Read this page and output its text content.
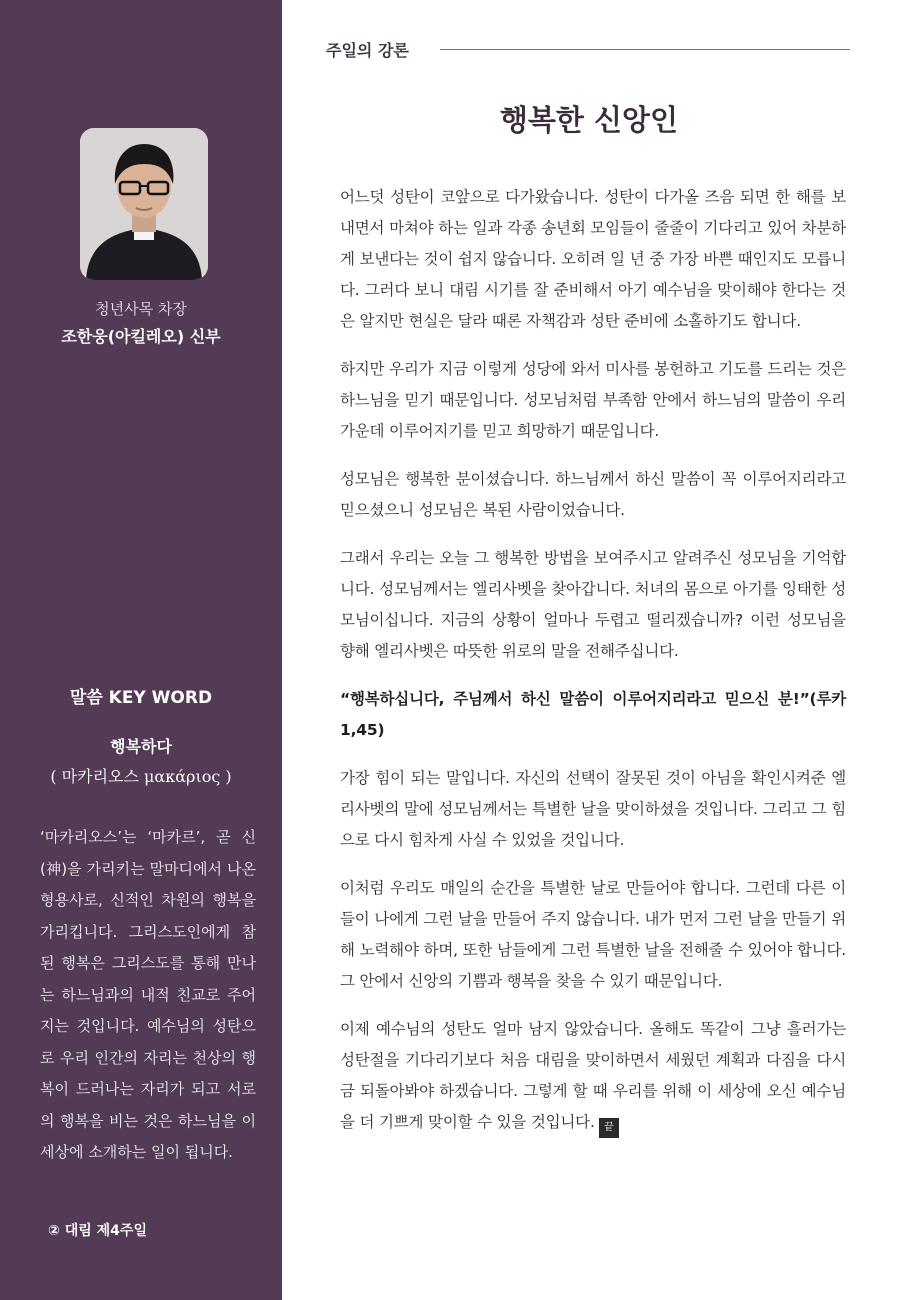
청년사목 차장
조한웅(아킬레오) 신부
말씀 KEY WORD
행복하다
( 마카리오스 μακάριος )
‘마카리오스’는 ‘마카르’, 곧 신(神)을 가리키는 말마디에서 나온 형용사로, 신적인 차원의 행복을 가리킵니다. 그리스도인에게 참된 행복은 그리스도를 통해 만나는 하느님과의 내적 친교로 주어지는 것입니다. 예수님의 성탄으로 우리 인간의 자리는 천상의 행복이 드러나는 자리가 되고 서로의 행복을 비는 것은 하느님을 이 세상에 소개하는 일이 됩니다.
② 대림 제4주일
주일의 강론
행복한 신앙인

어느덧 성탄이 코앞으로 다가왔습니다. 성탄이 다가올 즈음 되면 한 해를 보내면서 마쳐야 하는 일과 각종 송년회 모임들이 줄줄이 기다리고 있어 차분하게 보낸다는 것이 쉽지 않습니다. 오히려 일 년 중 가장 바쁜 때인지도 모릅니다. 그러다 보니 대림 시기를 잘 준비해서 아기 예수님을 맞이해야 한다는 것은 알지만 현실은 달라 때론 자책감과 성탄 준비에 소홀하기도 합니다.

하지만 우리가 지금 이렇게 성당에 와서 미사를 봉헌하고 기도를 드리는 것은 하느님을 믿기 때문입니다. 성모님처럼 부족함 안에서 하느님의 말씀이 우리 가운데 이루어지기를 믿고 희망하기 때문입니다.

성모님은 행복한 분이셨습니다. 하느님께서 하신 말씀이 꼭 이루어지리라고 믿으셨으니 성모님은 복된 사람이었습니다.

그래서 우리는 오늘 그 행복한 방법을 보여주시고 알려주신 성모님을 기억합니다. 성모님께서는 엘리사벳을 찾아갑니다. 처녀의 몸으로 아기를 잉태한 성모님이십니다. 지금의 상황이 얼마나 두렵고 떨리겠습니까? 이런 성모님을 향해 엘리사벳은 따뜻한 위로의 말을 전해주십니다.

“행복하십니다, 주님께서 하신 말씀이 이루어지리라고 믿으신 분!”(루카 1,45)

가장 힘이 되는 말입니다. 자신의 선택이 잘못된 것이 아님을 확인시켜준 엘리사벳의 말에 성모님께서는 특별한 날을 맞이하셨을 것입니다. 그리고 그 힘으로 다시 힘차게 사실 수 있었을 것입니다.

이처럼 우리도 매일의 순간을 특별한 날로 만들어야 합니다. 그런데 다른 이들이 나에게 그런 날을 만들어 주지 않습니다. 내가 먼저 그런 날을 만들기 위해 노력해야 하며, 또한 남들에게 그런 특별한 날을 전해줄 수 있어야 합니다. 그 안에서 신앙의 기쁨과 행복을 찾을 수 있기 때문입니다.

이제 예수님의 성탄도 얼마 남지 않았습니다. 올해도 똑같이 그냥 흘러가는 성탄절을 기다리기보다 처음 대림을 맞이하면서 세웠던 계획과 다짐을 다시금 되돌아봐야 하겠습니다. 그렇게 할 때 우리를 위해 이 세상에 오신 예수님을 더 기쁘게 맞이할 수 있을 것입니다. 끝
